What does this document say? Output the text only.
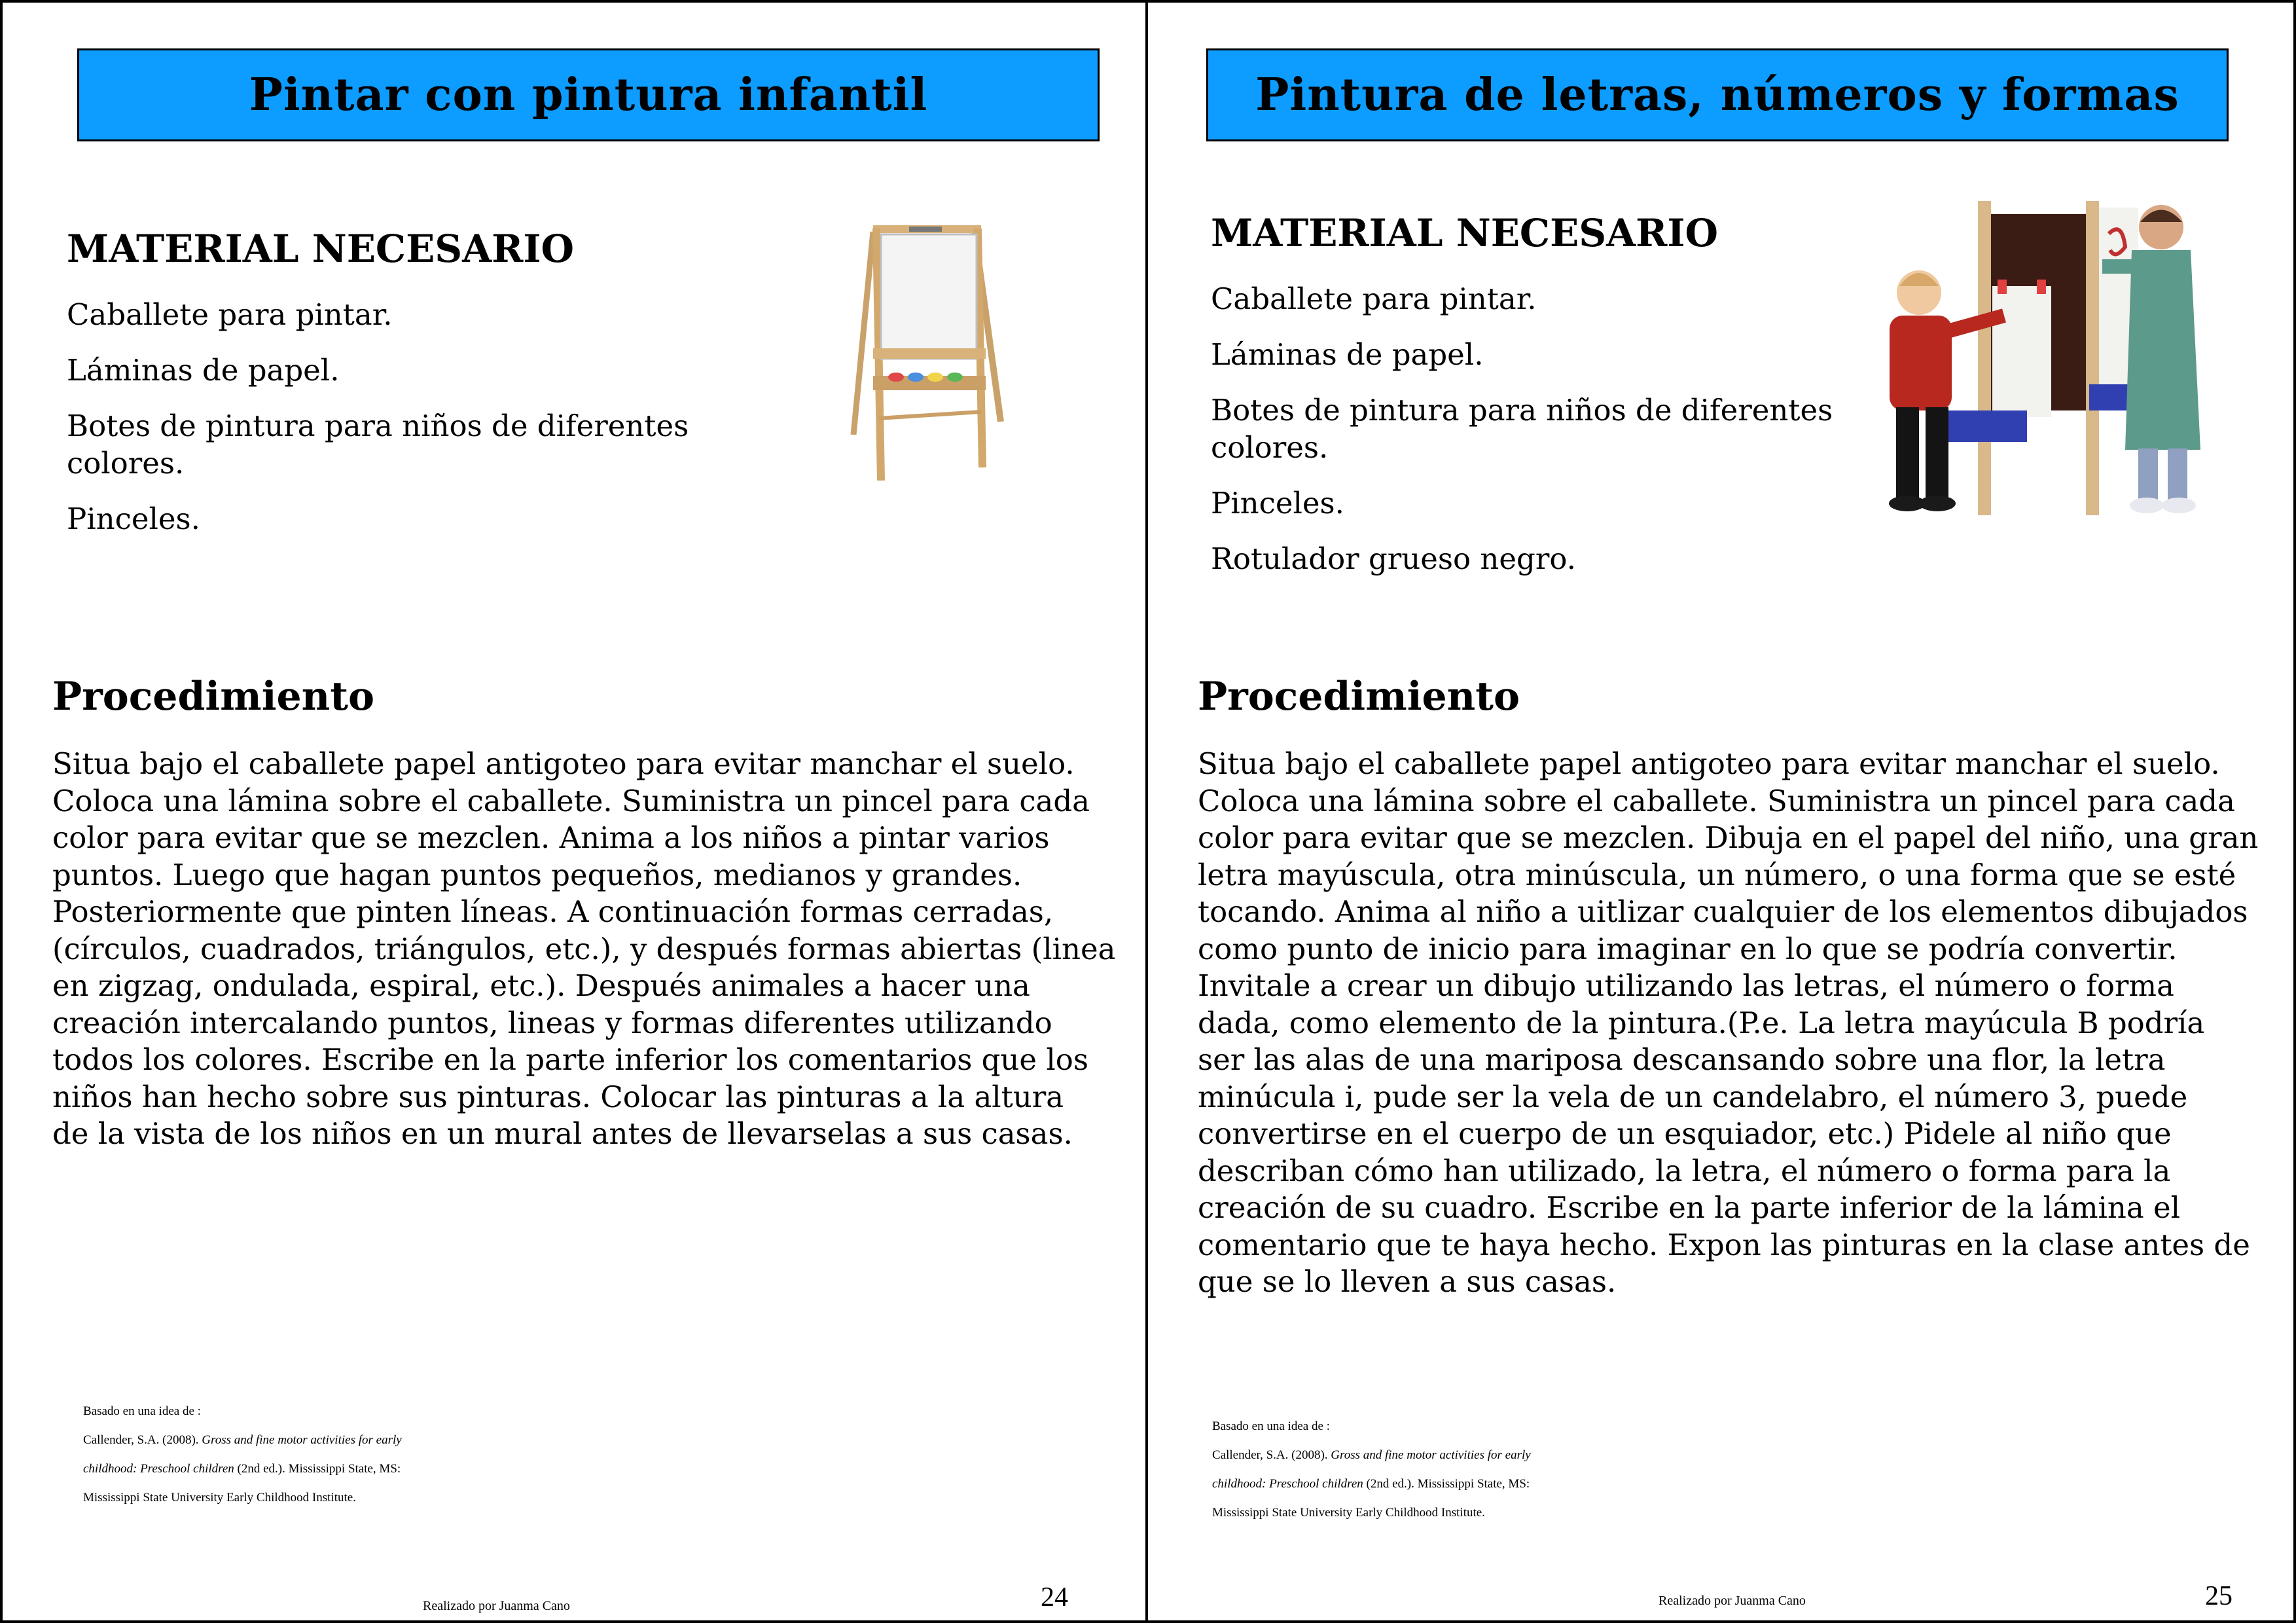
Pintar con pintura infantil
MATERIAL NECESARIO
Caballete para pintar.
Láminas de papel.
Botes de pintura para niños de diferentes
colores.
Pinceles.
Procedimiento
Situa bajo el caballete papel antigoteo para evitar manchar el suelo.
Coloca una lámina sobre el caballete. Suministra un pincel para cada
color para evitar que se mezclen. Anima a los niños a pintar varios
puntos. Luego que hagan puntos pequeños, medianos y grandes.
Posteriormente que pinten líneas. A continuación formas cerradas,
(círculos, cuadrados, triángulos, etc.), y después formas abiertas (linea
en zigzag, ondulada, espiral, etc.). Después animales a hacer una
creación intercalando puntos, lineas y formas diferentes utilizando
todos los colores. Escribe en la parte inferior los comentarios que los
niños han hecho sobre sus pinturas. Colocar las pinturas a la altura
de la vista de los niños en un mural antes de llevarselas a sus casas.
Basado en una idea de :
Callender, S.A. (2008). Gross and fine motor activities for early
childhood: Preschool children (2nd ed.). Mississippi State, MS:
Mississippi State University Early Childhood Institute.
Realizado por Juanma Cano	24
Pintura de letras, números y formas
MATERIAL NECESARIO
Caballete para pintar.
Láminas de papel.
Botes de pintura para niños de diferentes
colores.
Pinceles.
Rotulador grueso negro.
Procedimiento
Situa bajo el caballete papel antigoteo para evitar manchar el suelo.
Coloca una lámina sobre el caballete. Suministra un pincel para cada
color para evitar que se mezclen. Dibuja en el papel del niño, una gran
letra mayúscula, otra minúscula, un número, o una forma que se esté
tocando. Anima al niño a uitlizar cualquier de los elementos dibujados
como punto de inicio para imaginar en lo que se podría convertir.
Invitale a crear un dibujo utilizando las letras, el número o forma
dada, como elemento de la pintura.(P.e. La letra mayúcula B podría
ser las alas de una mariposa descansando sobre una flor, la letra
minúcula i, pude ser la vela de un candelabro, el número 3, puede
convertirse en el cuerpo de un esquiador, etc.) Pidele al niño que
describan cómo han utilizado, la letra, el número o forma para la
creación de su cuadro. Escribe en la parte inferior de la lámina el
comentario que te haya hecho. Expon las pinturas en la clase antes de
que se lo lleven a sus casas.
Basado en una idea de :
Callender, S.A. (2008). Gross and fine motor activities for early
childhood: Preschool children (2nd ed.). Mississippi State, MS:
Mississippi State University Early Childhood Institute.
Realizado por Juanma Cano	25
